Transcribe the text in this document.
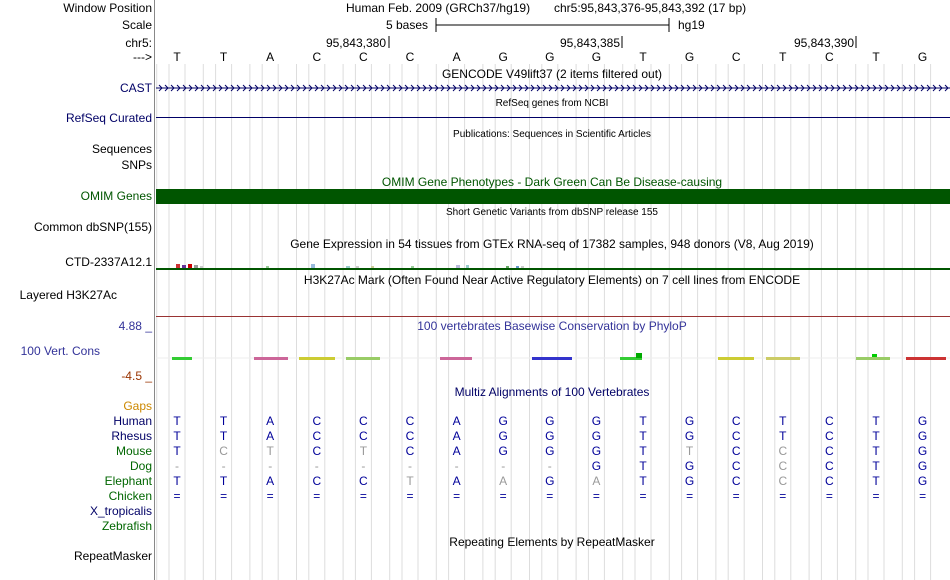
Window Position	Human Feb. 2009 (GRCh37/hg19) chr5:95,843,376-95,843,392 (17 bp)
Scale	5 bases	hg19
chr5:	95,843,380	95,843,385	95,843,390
--->	T	T	A	C	C	C	A	G	G	G	T	G	C	T	C	T	G
GENCODE V49lift37 (2 items filtered out)
CAST
RefSeq genes from NCBI
RefSeq Curated
Publications: Sequences in Scientific Articles
Sequences
SNPs
OMIM Gene Phenotypes - Dark Green Can Be Disease-causing
OMIM Genes
Short Genetic Variants from dbSNP release 155
Common dbSNP(155)
Gene Expression in 54 tissues from GTEx RNA-seq of 17382 samples, 948 donors (V8, Aug 2019)
CTD-2337A12.1
H3K27Ac Mark (Often Found Near Active Regulatory Elements) on 7 cell lines from ENCODE
Layered H3K27Ac
100 vertebrates Basewise Conservation by PhyloP
4.88 _
100 Vert. Cons
-4.5 _
Multiz Alignments of 100 Vertebrates
Gaps
Human	T	T	A	C	C	C	A	G	G	G	T	G	C	T	C	T	G
Rhesus	T	T	A	C	C	C	A	G	G	G	T	G	C	T	C	T	G
Mouse	T	C	T	C	T	C	A	G	G	G	T	T	C	C	C	T	G
Dog	-	-	-	-	-	-	-	-	-	G	T	G	C	C	C	T	G
Elephant	T	T	A	C	C	T	A	A	G	A	T	G	C	C	C	T	G
Chicken	=	=	=	=	=	=	=	=	=	=	=	=	=	=	=	=	=
X_tropicalis
Zebrafish
Repeating Elements by RepeatMasker
RepeatMasker
